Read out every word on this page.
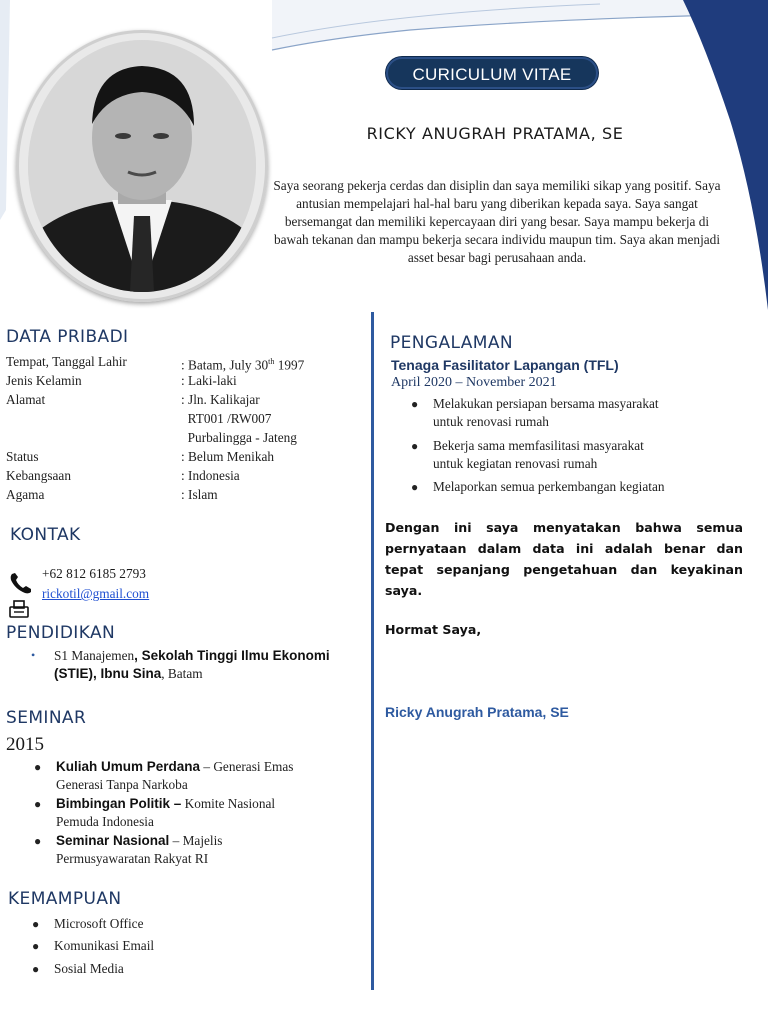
CURICULUM VITAE
RICKY ANUGRAH PRATAMA, SE
Saya seorang pekerja cerdas dan disiplin dan saya memiliki sikap yang positif. Saya antusian mempelajari hal-hal baru yang diberikan kepada saya. Saya sangat bersemangat dan memiliki kepercayaan diri yang besar. Saya mampu bekerja di bawah tekanan dan mampu bekerja secara individu maupun tim. Saya akan menjadi asset besar bagi perusahaan anda.
DATA PRIBADI
Tempat, Tanggal Lahir	: Batam, July 30th 1997
Jenis Kelamin	: Laki-laki
Alamat	: Jln. Kalikajar
RT001 /RW007
Purbalingga - Jateng
Status	: Belum Menikah
Kebangsaan	: Indonesia
Agama	: Islam
KONTAK
+62 812 6185 2793
rickotil@gmail.com
PENDIDIKAN
• S1 Manajemen, Sekolah Tinggi Ilmu Ekonomi (STIE), Ibnu Sina, Batam
SEMINAR
2015
● Kuliah Umum Perdana – Generasi Emas
Generasi Tanpa Narkoba
● Bimbingan Politik – Komite Nasional
Pemuda Indonesia
● Seminar Nasional – Majelis
Permusyawaratan Rakyat RI
KEMAMPUAN
● Microsoft Office
● Komunikasi Email
● Sosial Media
PENGALAMAN
Tenaga Fasilitator Lapangan (TFL)
April 2020 – November 2021
● Melakukan persiapan bersama masyarakat
untuk renovasi rumah
● Bekerja sama memfasilitasi masyarakat
untuk kegiatan renovasi rumah
● Melaporkan semua perkembangan kegiatan
Dengan ini saya menyatakan bahwa semua pernyataan dalam data ini adalah benar dan tepat sepanjang pengetahuan dan keyakinan saya.
Hormat Saya,
Ricky Anugrah Pratama, SE
